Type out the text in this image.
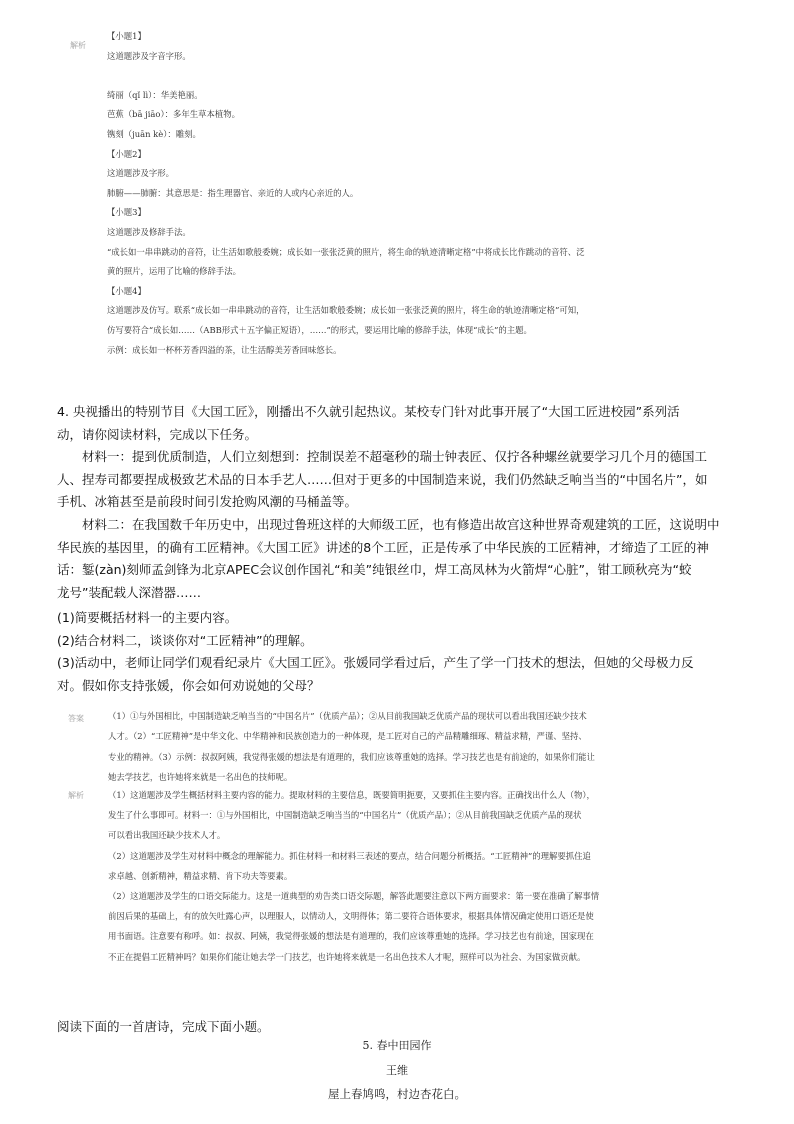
解析
【小题1】
这道题涉及字音字形。
绮丽（qǐ lì）：华美艳丽。
芭蕉（bā jiāo）：多年生草本植物。
镌刻（juān kè）：雕刻。
【小题2】
这道题涉及字形。
肺腑——肺腑：其意思是：指生理器官、亲近的人或内心亲近的人。
【小题3】
这道题涉及修辞手法。
“成长如一串串跳动的音符，让生活如歌般委婉；成长如一张张泛黄的照片，将生命的轨迹清晰定格”中将成长比作跳动的音符、泛
黄的照片，运用了比喻的修辞手法。
【小题4】
这道题涉及仿写。联系“成长如一串串跳动的音符，让生活如歌般委婉；成长如一张张泛黄的照片，将生命的轨迹清晰定格”可知，
仿写要符合“成长如……（ABB形式＋五字偏正短语），……”的形式，要运用比喻的修辞手法，体现“成长”的主题。
示例：成长如一杯杯芳香四溢的茶，让生活醇美芳香回味悠长。
4. 央视播出的特别节目《大国工匠》，刚播出不久就引起热议。某校专门针对此事开展了“大国工匠进校园”系列活
动，请你阅读材料，完成以下任务。
材料一：提到优质制造，人们立刻想到：控制误差不超毫秒的瑞士钟表匠、仅拧各种螺丝就要学习几个月的德国工
人、捏寿司都要捏成极致艺术品的日本手艺人……但对于更多的中国制造来说，我们仍然缺乏响当当的“中国名片”，如
手机、冰箱甚至是前段时间引发抢购风潮的马桶盖等。
材料二：在我国数千年历史中，出现过鲁班这样的大师级工匠，也有修造出故宫这种世界奇观建筑的工匠，这说明中
华民族的基因里，的确有工匠精神。《大国工匠》讲述的8个工匠，正是传承了中华民族的工匠精神，才缔造了工匠的神
话：錾(zàn)刻师孟剑锋为北京APEC会议创作国礼“和美”纯银丝巾，焊工高凤林为火箭焊“心脏”，钳工顾秋亮为“蛟
龙号”装配载人深潜器……
(1)简要概括材料一的主要内容。
(2)结合材料二，谈谈你对“工匠精神”的理解。
(3)活动中，老师让同学们观看纪录片《大国工匠》。张媛同学看过后，产生了学一门技术的想法，但她的父母极力反
对。假如你支持张媛，你会如何劝说她的父母？
答案	（1）①与外国相比，中国制造缺乏响当当的“中国名片”（优质产品）；②从目前我国缺乏优质产品的现状可以看出我国还缺少技术
人才。（2）“工匠精神”是中华文化、中华精神和民族创造力的一种体现，是工匠对自己的产品精雕细琢、精益求精，严谨、坚持、
专业的精神。（3）示例：叔叔阿姨，我觉得张媛的想法是有道理的，我们应该尊重她的选择。学习技艺也是有前途的，如果你们能让
她去学技艺，也许她将来就是一名出色的技师呢。
解析	（1）这道题涉及学生概括材料主要内容的能力。提取材料的主要信息，既要简明扼要，又要抓住主要内容。正确找出什么人（物），
发生了什么事即可。材料一：①与外国相比，中国制造缺乏响当当的“中国名片”（优质产品）；②从目前我国缺乏优质产品的现状
可以看出我国还缺少技术人才。
（2）这道题涉及学生对材料中概念的理解能力。抓住材料一和材料三表述的要点，结合问题分析概括。“工匠精神”的理解要抓住追
求卓越、创新精神，精益求精、肯下功夫等要素。
（2）这道题涉及学生的口语交际能力。这是一道典型的劝告类口语交际题，解答此题要注意以下两方面要求：第一要在准确了解事情
前因后果的基础上，有的放矢吐露心声，以理服人，以情动人，文明得体；第二要符合语体要求，根据具体情况确定使用口语还是使
用书面语。注意要有称呼。如：叔叔、阿姨，我觉得张媛的想法是有道理的，我们应该尊重她的选择。学习技艺也有前途，国家现在
不正在提倡工匠精神吗？如果你们能让她去学一门技艺，也许她将来就是一名出色技术人才呢，照样可以为社会、为国家做贡献。
阅读下面的一首唐诗，完成下面小题。
5. 春中田园作
王维
屋上春鸠鸣，村边杏花白。
